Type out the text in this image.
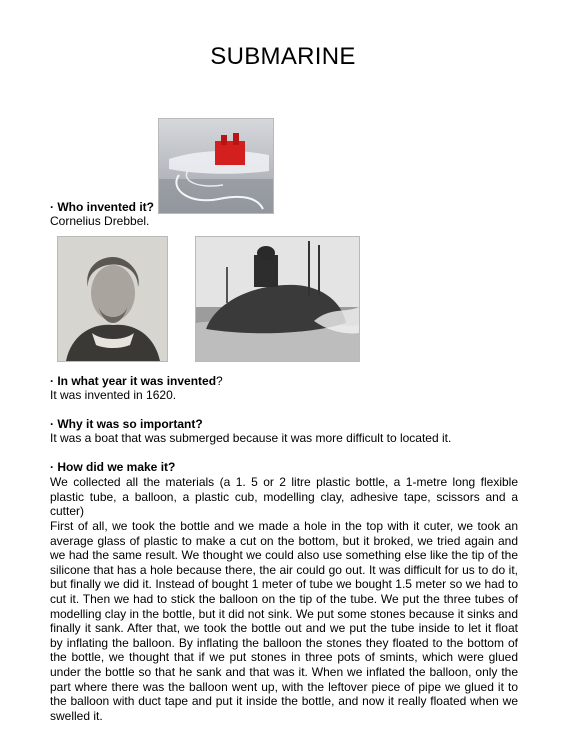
SUBMARINE
· Who invented it?
Cornelius Drebbel.
· In what year it was invented?
It was invented in 1620.
· Why it was so important?
It was a boat that was submerged because it was more difficult to located it.
· How did we make it?
We collected all the materials (a 1. 5 or 2 litre plastic bottle, a 1-metre long flexible plastic tube, a balloon, a plastic cub, modelling clay, adhesive tape, scissors and a cutter)
First of all, we took the bottle and we made a hole in the top with it cuter, we took an average glass of plastic to make a cut on the bottom, but it broked, we tried again and we had the same result. We thought we could also use something else like the tip of the silicone that has a hole because there, the air could go out. It was difficult for us to do it, but finally we did it. Instead of bought 1 meter of tube we bought 1.5 meter so we had to cut it. Then we had to stick the balloon on the tip of the tube. We put the three tubes of modelling clay in the bottle, but it did not sink. We put some stones because it sinks and finally it sank. After that, we took the bottle out and we put the tube inside to let it float by inflating the balloon. By inflating the balloon the stones they floated to the bottom of the bottle, we thought that if we put stones in three pots of smints, which were glued under the bottle so that he sank and that was it. When we inflated the balloon, only the part where there was the balloon went up, with the leftover piece of pipe we glued it to the balloon with duct tape and put it inside the bottle, and now it really floated when we swelled it.
